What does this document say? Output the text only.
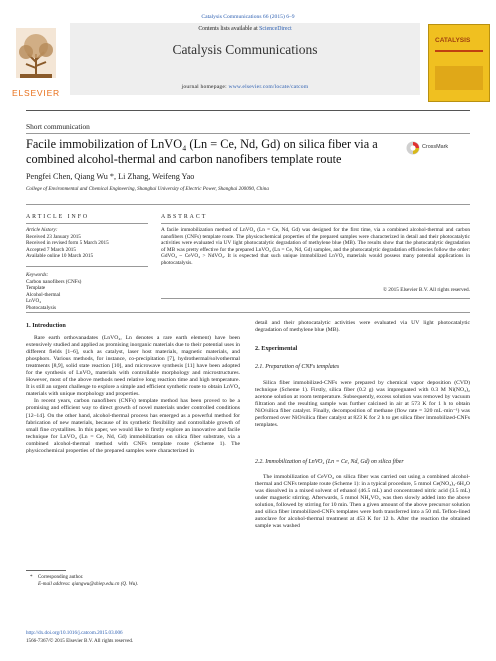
Catalysis Communications 66 (2015) 6–9
Contents lists available at ScienceDirect
Catalysis Communications
journal homepage: www.elsevier.com/locate/catcom
ELSEVIER
CATALYSIS
Short communication
Facile immobilization of LnVO₄ (Ln = Ce, Nd, Gd) on silica fiber via a combined alcohol-thermal and carbon nanofibers template route
CrossMark
Pengfei Chen, Qiang Wu *, Li Zhang, Weifeng Yao
College of Environmental and Chemical Engineering, Shanghai University of Electric Power, Shanghai 200090, China
ARTICLE INFO
Article history:
Received 23 January 2015
Received in revised form 5 March 2015
Accepted 7 March 2015
Available online 10 March 2015
Keywords:
Carbon nanofibers (CNFs)
Template
Alcohol-thermal
LnVO₄
Photocatalysis
ABSTRACT
A facile immobilization method of LnVO₄ (Ln = Ce, Nd, Gd) was designed for the first time, via a combined alcohol-thermal and carbon nanofibers (CNFs) template route. The physicochemical properties of the prepared samples were characterized in detail and their photocatalytic activities were evaluated via UV light photocatalytic degradation of methylene blue (MB). The results show that the photocatalytic degradation of MB was pretty effective for the prepared LnVO₄ (Ln = Ce, Nd, Gd) samples, and the photocatalytic degradation efficiencies follow the order: GdVO₄ ~ CeVO₄ > NdVO₄. It is expected that such unique immobilized LnVO₄ materials would possess many potential applications in photocatalysis.
© 2015 Elsevier B.V. All rights reserved.
1. Introduction

Rare earth orthovanadates (LnVO₄, Ln denotes a rare earth element) have been extensively studied and applied as promising inorganic materials due to their potential uses in different fields [1–6], such as catalyst, laser host materials, magnetic materials, and phosphors. Various methods, for instance, co-precipitation [7], hydrothermal/solvothermal treatments [8,9], solid state reaction [10], and microwave synthesis [11] have been adopted for the synthesis of LnVO₄ materials with controllable morphology and microstructures. However, most of the above methods need relative long reaction time and high temperature. It is still an urgent challenge to explore a simple and efficient synthetic route to obtain LnVO₄ materials with unique morphology and properties.

In recent years, carbon nanofibers (CNFs) template method has been proved to be a promising and efficient way to direct growth of novel materials under controlled conditions [12–14]. On the other hand, alcohol-thermal process has emerged as a powerful method for fabrication of new materials, because of its synthetic flexibility and controllable growth of small fine crystallites. In this paper, we would like to firstly explore an innovative and facile technique for LnVO₄ (Ln = Ce, Nd, Gd) immobilization on silica fiber substrate, via a combined alcohol-thermal method with CNFs template route (Scheme 1). The physicochemical properties of the prepared samples were characterized in

detail and their photocatalytic activities were evaluated via UV light photocatalytic degradation of methylene blue (MB).
2. Experimental
2.1. Preparation of CNFs templates

Silica fiber immobilized-CNFs were prepared by chemical vapor deposition (CVD) technique (Scheme 1). Firstly, silica fiber (0.2 g) was impregnated with 0.3 M Ni(NO₃)₂ acetone solution at room temperature. Subsequently, excess solution was removed by vacuum filtration and the resulting sample was further calcined in air at 573 K for 1 h to obtain NiO/silica fiber catalyst. Finally, decomposition of methane (flow rate = 320 mL·min⁻¹) was performed over NiO/silica fiber catalyst at 823 K for 2 h to get silica fiber immobilized-CNFs templates.

2.2. Immobilization of LnVO₄ (Ln = Ce, Nd, Gd) on silica fiber

The immobilization of CeVO₄ on silica fiber was carried out using a combined alcohol-thermal and CNFs template route (Scheme 1): in a typical procedure, 5 mmol Ce(NO₃)₃·6H₂O was dissolved in a mixed solvent of ethanol (46.5 mL) and concentrated nitric acid (3.5 mL) under magnetic stirring. Afterwards, 5 mmol NH₄VO₃ was then slowly added into the above solution, followed by stirring for 10 min. Then a given amount of the above precursor solution and silica fiber immobilized-CNFs templates were both transferred into a 50 mL Teflon-lined autoclave for alcohol-thermal treatment at 453 K for 12 h. After the reaction the obtained sample was washed

* Corresponding author.
E-mail address: qiangwu@shiep.edu.cn (Q. Wu).
http://dx.doi.org/10.1016/j.catcom.2015.03.006
1566-7367/© 2015 Elsevier B.V. All rights reserved.
